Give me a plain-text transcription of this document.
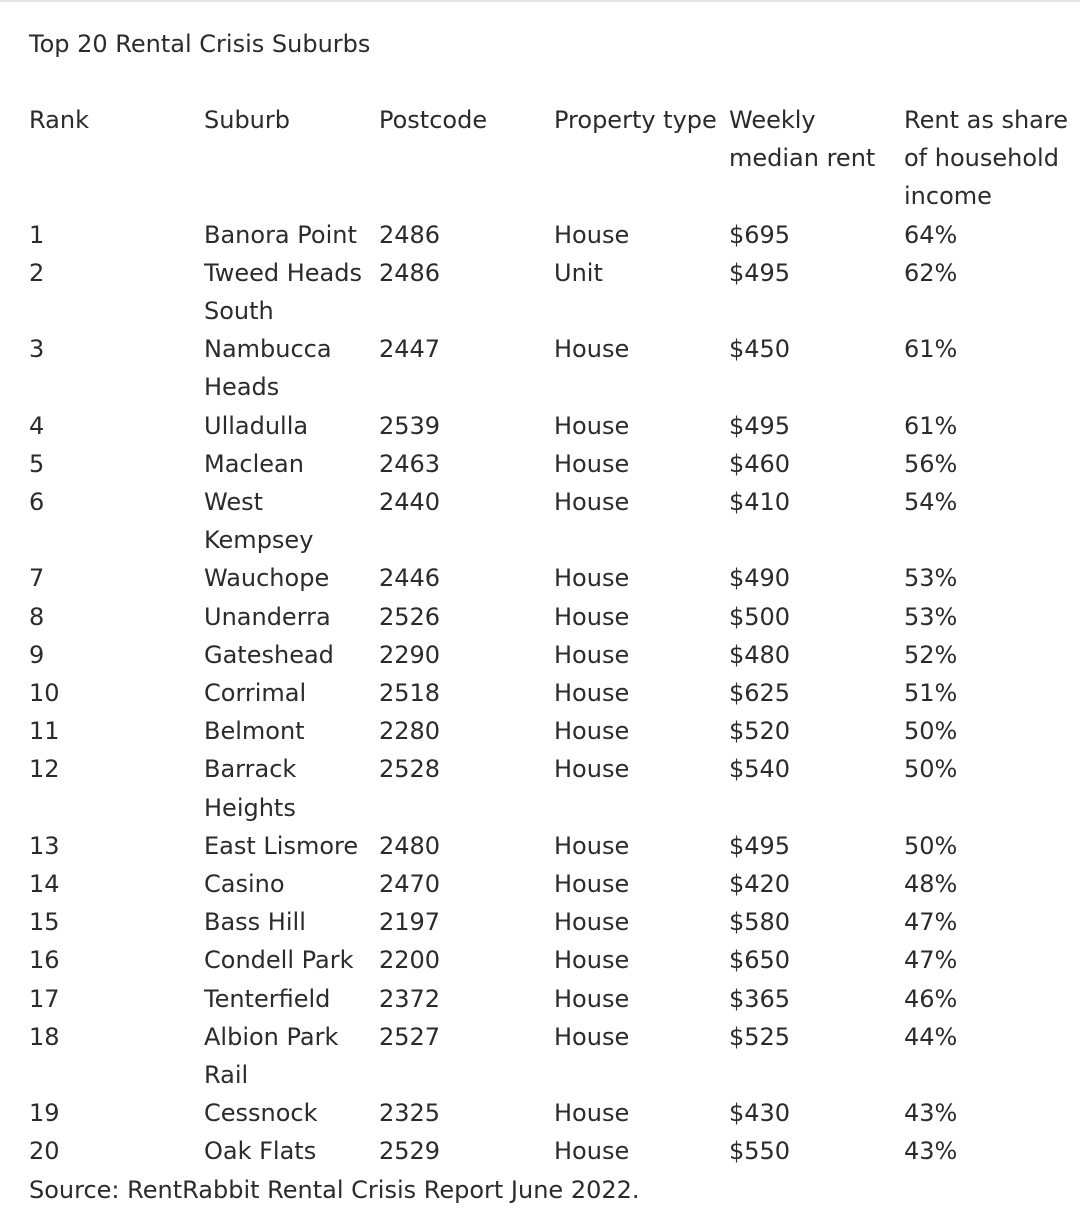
Top 20 Rental Crisis Suburbs
Rank	Suburb	Postcode	Property type	Weekly median rent	Rent as share of household income
1	Banora Point	2486	House	$695	64%
2	Tweed Heads South	2486	Unit	$495	62%
3	Nambucca Heads	2447	House	$450	61%
4	Ulladulla	2539	House	$495	61%
5	Maclean	2463	House	$460	56%
6	West Kempsey	2440	House	$410	54%
7	Wauchope	2446	House	$490	53%
8	Unanderra	2526	House	$500	53%
9	Gateshead	2290	House	$480	52%
10	Corrimal	2518	House	$625	51%
11	Belmont	2280	House	$520	50%
12	Barrack Heights	2528	House	$540	50%
13	East Lismore	2480	House	$495	50%
14	Casino	2470	House	$420	48%
15	Bass Hill	2197	House	$580	47%
16	Condell Park	2200	House	$650	47%
17	Tenterfield	2372	House	$365	46%
18	Albion Park Rail	2527	House	$525	44%
19	Cessnock	2325	House	$430	43%
20	Oak Flats	2529	House	$550	43%
Source: RentRabbit Rental Crisis Report June 2022.
